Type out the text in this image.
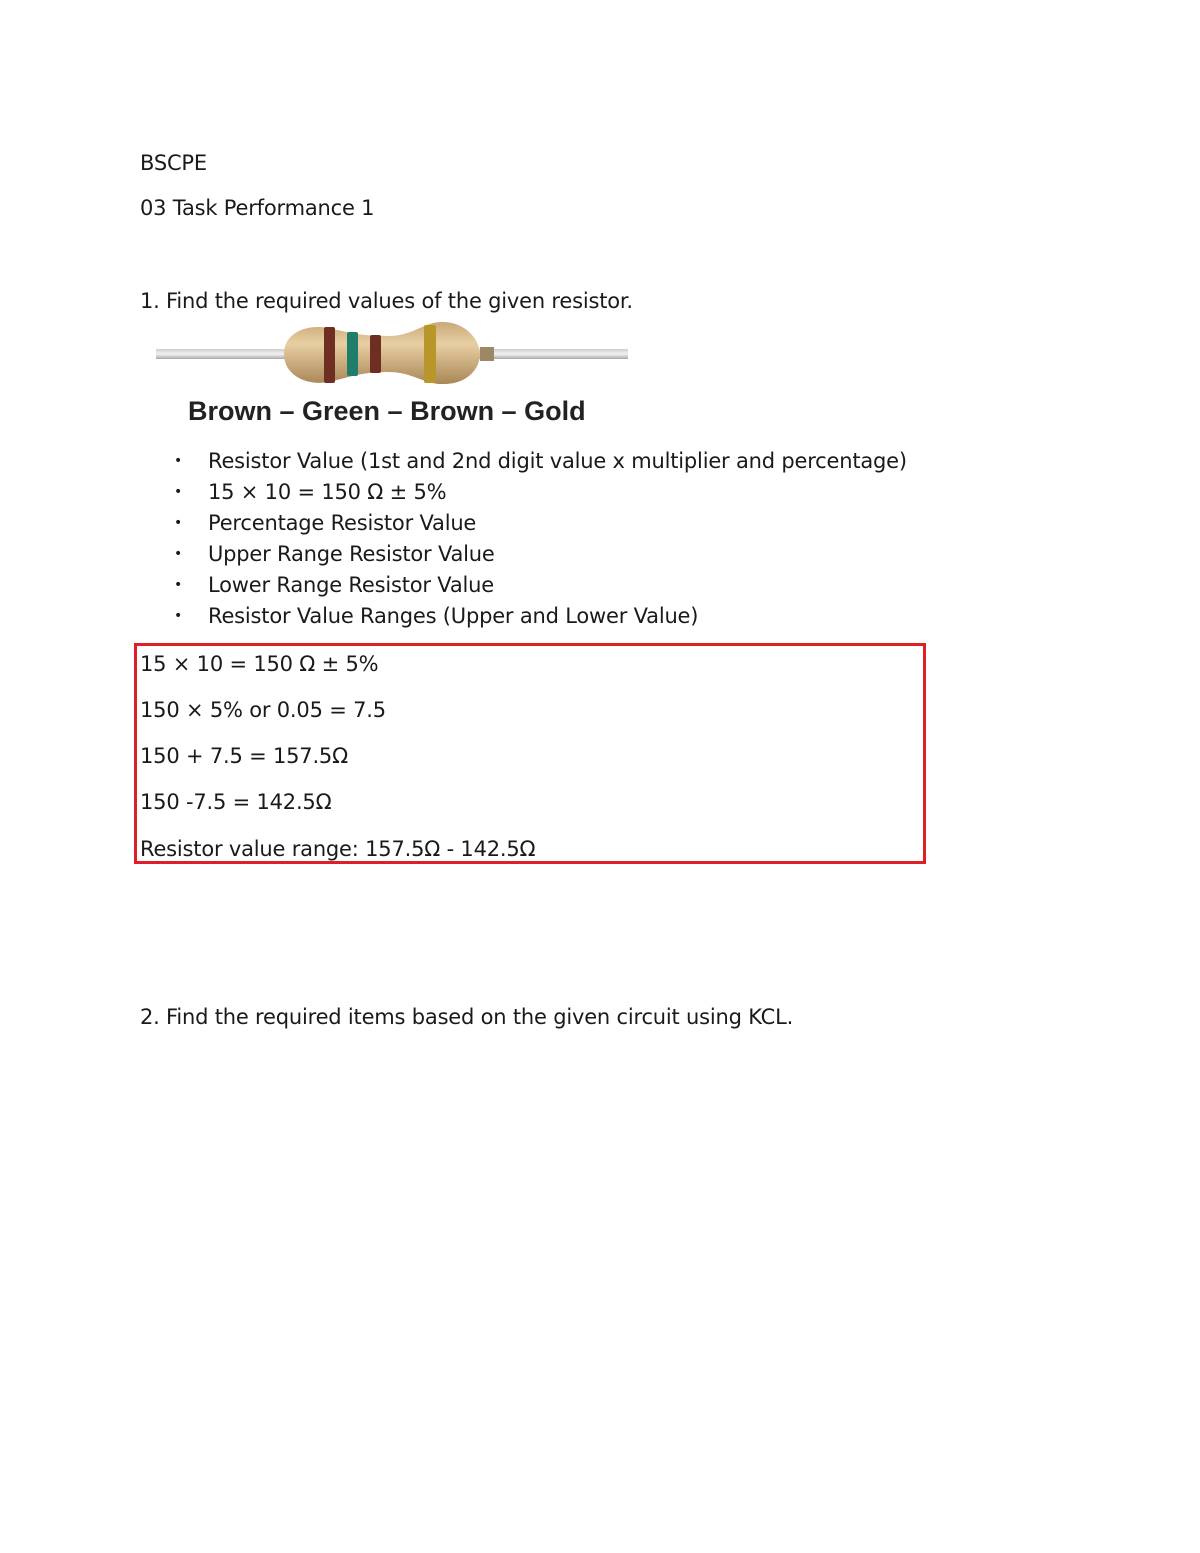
BSCPE
03 Task Performance 1
1. Find the required values of the given resistor.
Brown – Green – Brown – Gold
• Resistor Value (1st and 2nd digit value x multiplier and percentage)
• 15 × 10 = 150 Ω ± 5%
• Percentage Resistor Value
• Upper Range Resistor Value
• Lower Range Resistor Value
• Resistor Value Ranges (Upper and Lower Value)
15 × 10 = 150 Ω ± 5%
150 × 5% or 0.05 = 7.5
150 + 7.5 = 157.5Ω
150 -7.5 = 142.5Ω
Resistor value range: 157.5Ω - 142.5Ω
2. Find the required items based on the given circuit using KCL.
